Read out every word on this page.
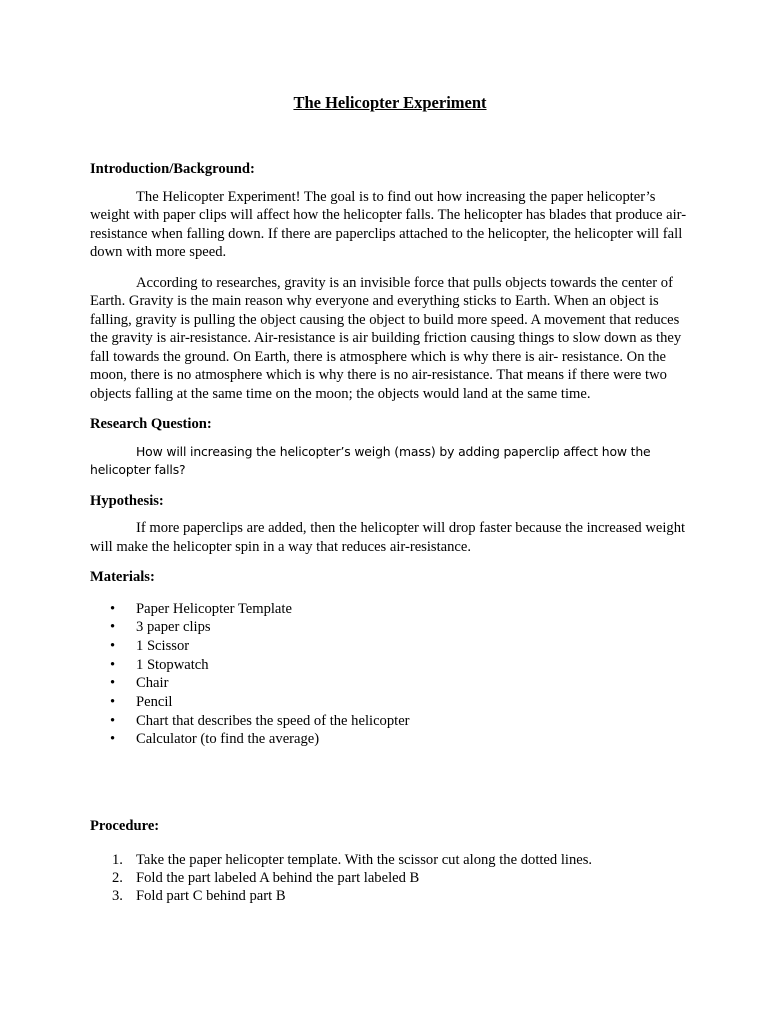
The Helicopter Experiment
Introduction/Background:

The Helicopter Experiment! The goal is to find out how increasing the paper helicopter’s weight with paper clips will affect how the helicopter falls. The helicopter has blades that produce air-resistance when falling down. If there are paperclips attached to the helicopter, the helicopter will fall down with more speed.

According to researches, gravity is an invisible force that pulls objects towards the center of Earth. Gravity is the main reason why everyone and everything sticks to Earth. When an object is falling, gravity is pulling the object causing the object to build more speed. A movement that reduces the gravity is air-resistance. Air-resistance is air building friction causing things to slow down as they fall towards the ground. On Earth, there is atmosphere which is why there is air- resistance. On the moon, there is no atmosphere which is why there is no air-resistance. That means if there were two objects falling at the same time on the moon; the objects would land at the same time.

Research Question:

How will increasing the helicopter’s weigh (mass) by adding paperclip affect how the helicopter falls?

Hypothesis:

If more paperclips are added, then the helicopter will drop faster because the increased weight will make the helicopter spin in a way that reduces air-resistance.

Materials:
• Paper Helicopter Template
• 3 paper clips
• 1 Scissor
• 1 Stopwatch
• Chair
• Pencil
• Chart that describes the speed of the helicopter
• Calculator (to find the average)
Procedure:
1. Take the paper helicopter template. With the scissor cut along the dotted lines.
2. Fold the part labeled A behind the part labeled B
3. Fold part C behind part B
